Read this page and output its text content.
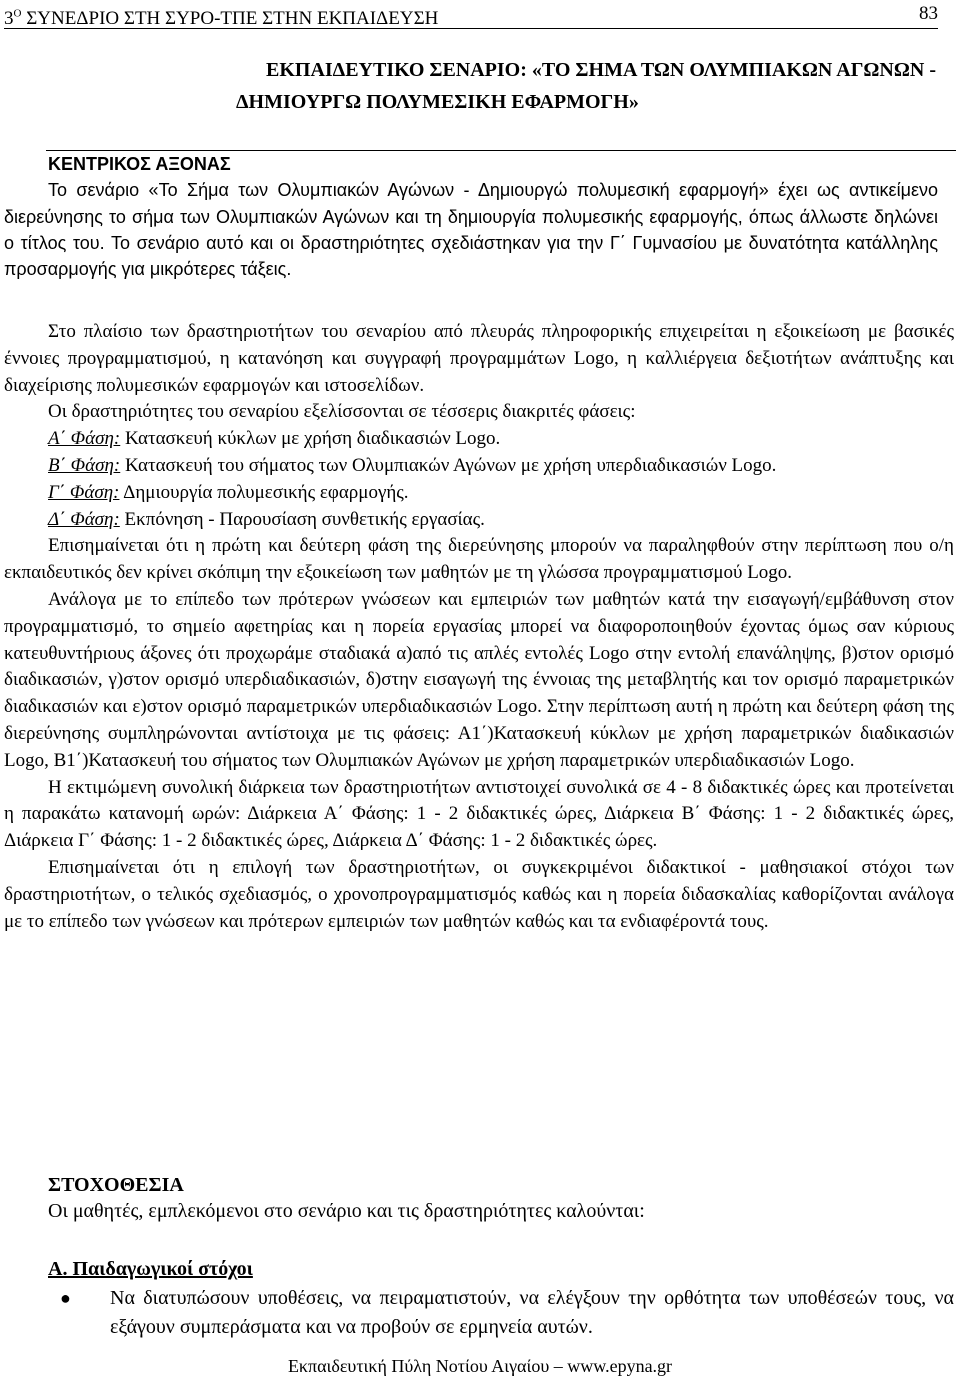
$3^O$ ΣΥΝΕΔΡΙΟ ΣΤΗ ΣΥΡΟ-ΤΠΕ ΣΤΗΝ ΕΚΠΑΙΔΕΥΣΗ	83
ΕΚΠΑΙΔΕΥΤΙΚΟ ΣΕΝΑΡΙΟ: «ΤΟ ΣΗΜΑ ΤΩΝ ΟΛΥΜΠΙΑΚΩΝ ΑΓΩΝΩΝ -
ΔΗΜΙΟΥΡΓΩ ΠΟΛΥΜΕΣΙΚΗ ΕΦΑΡΜΟΓΗ»
ΚΕΝΤΡΙΚΟΣ ΑΞΟΝΑΣ

Το σενάριο «Το Σήμα των Ολυμπιακών Αγώνων - Δημιουργώ πολυμεσική εφαρμογή» έχει ως αντικείμενο διερεύνησης το σήμα των Ολυμπιακών Αγώνων και τη δημιουργία πολυμεσικής εφαρμογής, όπως άλλωστε δηλώνει ο τίτλος του. Το σενάριο αυτό και οι δραστηριότητες σχεδιάστηκαν για την Γ΄ Γυμνασίου με δυνατότητα κατάλληλης προσαρμογής για μικρότερες τάξεις.

Στο πλαίσιο των δραστηριοτήτων του σεναρίου από πλευράς πληροφορικής επιχειρείται η εξοικείωση με βασικές έννοιες προγραμματισμού, η κατανόηση και συγγραφή προγραμμάτων Logo, η καλλιέργεια δεξιοτήτων ανάπτυξης και διαχείρισης πολυμεσικών εφαρμογών και ιστοσελίδων.

Οι δραστηριότητες του σεναρίου εξελίσσονται σε τέσσερις διακριτές φάσεις:

Α΄ Φάση: Κατασκευή κύκλων με χρήση διαδικασιών Logo.

Β΄ Φάση: Κατασκευή του σήματος των Ολυμπιακών Αγώνων με χρήση υπερδιαδικασιών Logo.

Γ΄ Φάση: Δημιουργία πολυμεσικής εφαρμογής.

Δ΄ Φάση: Εκπόνηση - Παρουσίαση συνθετικής εργασίας.

Επισημαίνεται ότι η πρώτη και δεύτερη φάση της διερεύνησης μπορούν να παραληφθούν στην περίπτωση που ο/η εκπαιδευτικός δεν κρίνει σκόπιμη την εξοικείωση των μαθητών με τη γλώσσα προγραμματισμού Logo.

Ανάλογα με το επίπεδο των πρότερων γνώσεων και εμπειριών των μαθητών κατά την εισαγωγή/εμβάθυνση στον προγραμματισμό, το σημείο αφετηρίας και η πορεία εργασίας μπορεί να διαφοροποιηθούν έχοντας όμως σαν κύριους κατευθυντήριους άξονες ότι προχωράμε σταδιακά α)από τις απλές εντολές Logo στην εντολή επανάληψης, β)στον ορισμό διαδικασιών, γ)στον ορισμό υπερδιαδικασιών, δ)στην εισαγωγή της έννοιας της μεταβλητής και τον ορισμό παραμετρικών διαδικασιών και ε)στον ορισμό παραμετρικών υπερδιαδικασιών Logo. Στην περίπτωση αυτή η πρώτη και δεύτερη φάση της διερεύνησης συμπληρώνονται αντίστοιχα με τις φάσεις: Α1΄)Κατασκευή κύκλων με χρήση παραμετρικών διαδικασιών Logo, Β1΄)Κατασκευή του σήματος των Ολυμπιακών Αγώνων με χρήση παραμετρικών υπερδιαδικασιών Logo.

Η εκτιμώμενη συνολική διάρκεια των δραστηριοτήτων αντιστοιχεί συνολικά σε 4 - 8 διδακτικές ώρες και προτείνεται η παρακάτω κατανομή ωρών: Διάρκεια Α΄ Φάσης: 1 - 2 διδακτικές ώρες, Διάρκεια Β΄ Φάσης: 1 - 2 διδακτικές ώρες, Διάρκεια Γ΄ Φάσης: 1 - 2 διδακτικές ώρες, Διάρκεια Δ΄ Φάσης: 1 - 2 διδακτικές ώρες.

Επισημαίνεται ότι η επιλογή των δραστηριοτήτων, οι συγκεκριμένοι διδακτικοί - μαθησιακοί στόχοι των δραστηριοτήτων, ο τελικός σχεδιασμός, ο χρονοπρογραμματισμός καθώς και η πορεία διδασκαλίας καθορίζονται ανάλογα με το επίπεδο των γνώσεων και πρότερων εμπειριών των μαθητών καθώς και τα ενδιαφέροντά τους.

ΣΤΟΧΟΘΕΣΙΑ
Οι μαθητές, εμπλεκόμενοι στο σενάριο και τις δραστηριότητες καλούνται:
Α. Παιδαγωγικοί στόχοι
● Να διατυπώσουν υποθέσεις, να πειραματιστούν, να ελέγξουν την ορθότητα των υποθέσεών τους, να εξάγουν συμπεράσματα και να προβούν σε ερμηνεία αυτών.
Εκπαιδευτική Πύλη Νοτίου Αιγαίου – www.epyna.gr
